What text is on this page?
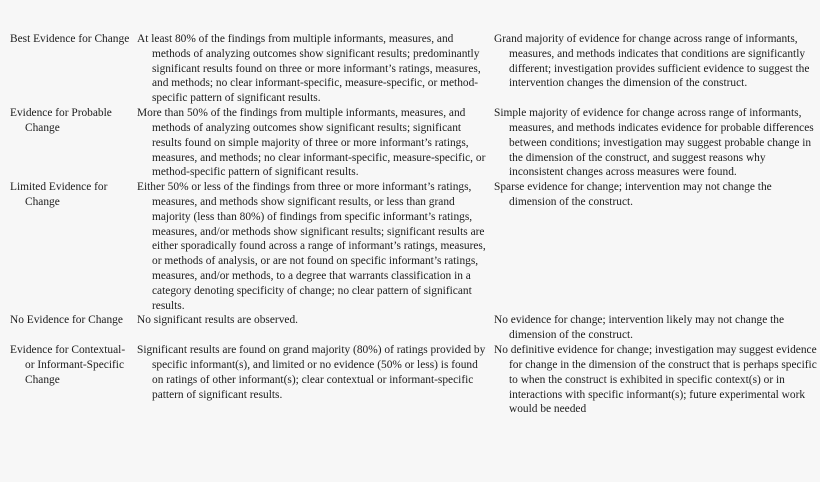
Best Evidence for Change At least 80% of the findings from multiple informants, measures, and methods of analyzing outcomes show significant results; predominantly significant results found on three or more informant’s ratings, measures, and methods; no clear informant-specific, measure-specific, or method-specific pattern of significant results.
Grand majority of evidence for change across range of informants, measures, and methods indicates that conditions are significantly different; investigation provides sufficient evidence to suggest the intervention changes the dimension of the construct.
Evidence for Probable Change
More than 50% of the findings from multiple informants, measures, and methods of analyzing outcomes show significant results; significant results found on simple majority of three or more informant’s ratings, measures, and methods; no clear informant-specific, measure-specific, or method-specific pattern of significant results.
Simple majority of evidence for change across range of informants, measures, and methods indicates evidence for probable differences between conditions; investigation may suggest probable change in the dimension of the construct, and suggest reasons why inconsistent changes across measures were found.
Limited Evidence for Change
Either 50% or less of the findings from three or more informant’s ratings, measures, and methods show significant results, or less than grand majority (less than 80%) of findings from specific informant’s ratings, measures, and/or methods show significant results; significant results are either sporadically found across a range of informant’s ratings, measures, or methods of analysis, or are not found on specific informant’s ratings, measures, and/or methods, to a degree that warrants classification in a category denoting specificity of change; no clear pattern of significant results.
Sparse evidence for change; intervention may not change the dimension of the construct.
No Evidence for Change	No significant results are observed.	No evidence for change; intervention likely may not change the dimension of the construct.
Evidence for Contextual- or Informant-Specific Change
Significant results are found on grand majority (80%) of ratings provided by specific informant(s), and limited or no evidence (50% or less) is found on ratings of other informant(s); clear contextual or informant-specific pattern of significant results.
No definitive evidence for change; investigation may suggest evidence for change in the dimension of the construct that is perhaps specific to when the construct is exhibited in specific context(s) or in interactions with specific informant(s); future experimental work would be needed
